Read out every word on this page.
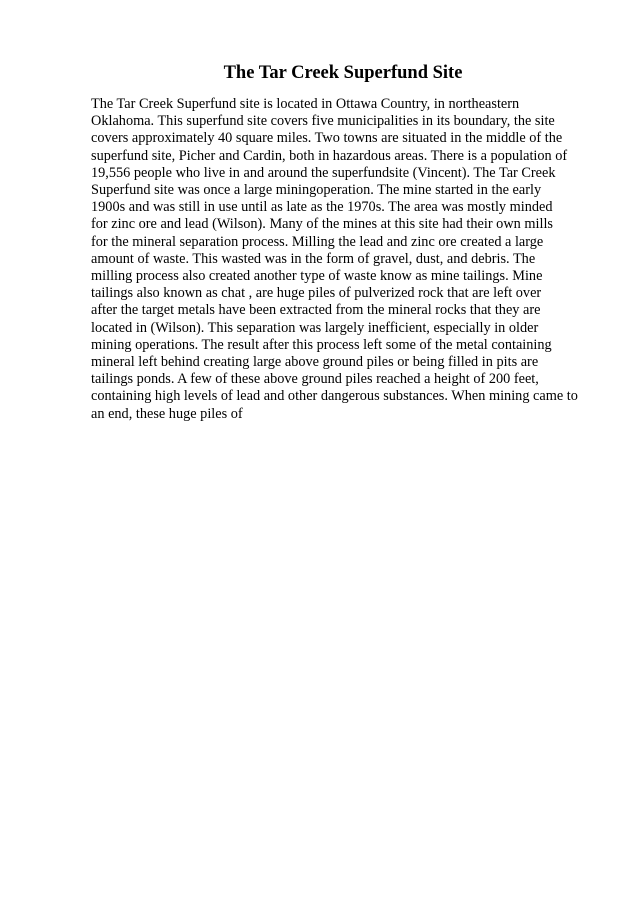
The Tar Creek Superfund Site
The Tar Creek Superfund site is located in Ottawa Country, in northeastern
Oklahoma. This superfund site covers five municipalities in its boundary, the site
covers approximately 40 square miles. Two towns are situated in the middle of the
superfund site, Picher and Cardin, both in hazardous areas. There is a population of
19,556 people who live in and around the superfundsite (Vincent). The Tar Creek
Superfund site was once a large miningoperation. The mine started in the early
1900s and was still in use until as late as the 1970s. The area was mostly minded
for zinc ore and lead (Wilson). Many of the mines at this site had their own mills
for the mineral separation process. Milling the lead and zinc ore created a large
amount of waste. This wasted was in the form of gravel, dust, and debris. The
milling process also created another type of waste know as mine tailings. Mine
tailings also known as chat , are huge piles of pulverized rock that are left over
after the target metals have been extracted from the mineral rocks that they are
located in (Wilson). This separation was largely inefficient, especially in older
mining operations. The result after this process left some of the metal containing
mineral left behind creating large above ground piles or being filled in pits are
tailings ponds. A few of these above ground piles reached a height of 200 feet,
containing high levels of lead and other dangerous substances. When mining came to
an end, these huge piles of
